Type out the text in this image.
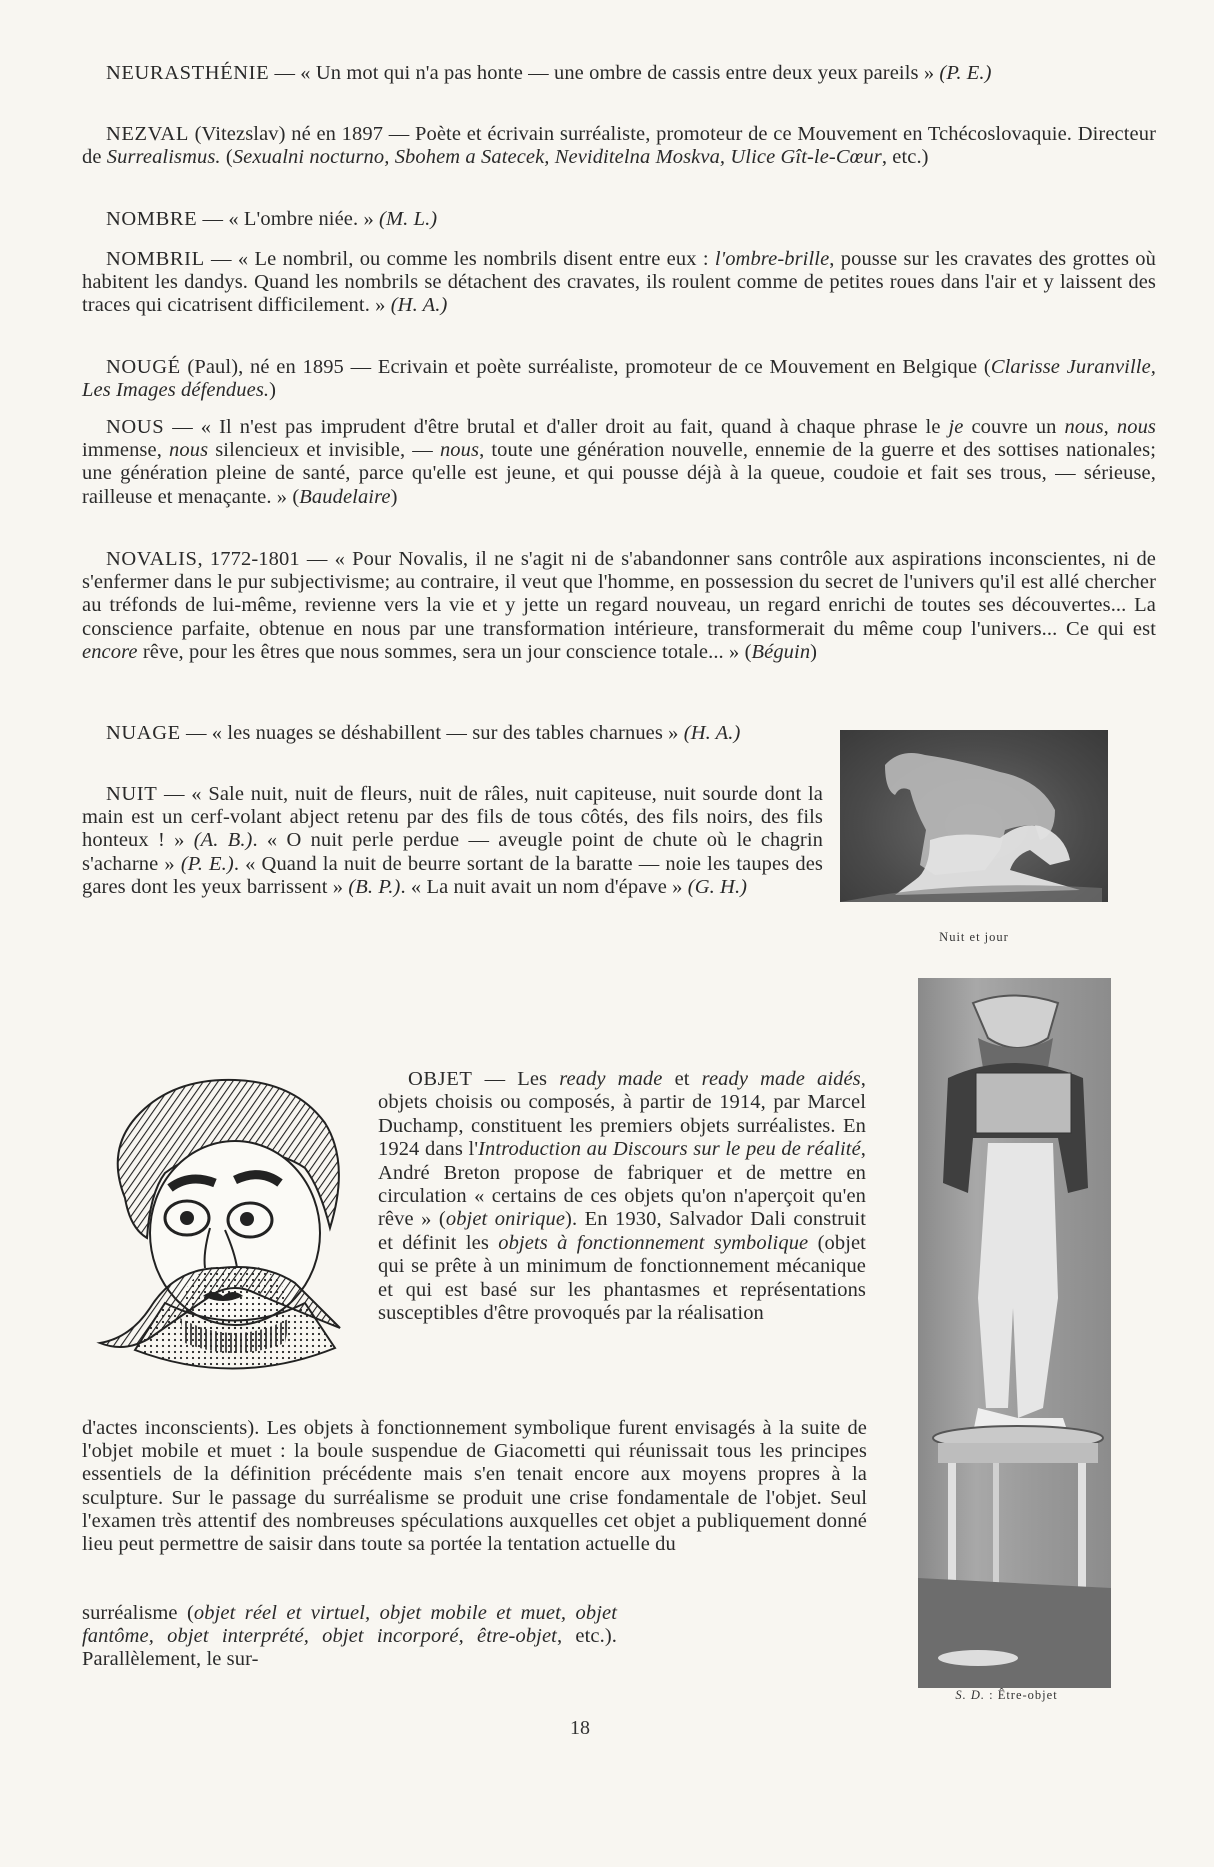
NEURASTHÉNIE — « Un mot qui n'a pas honte — une ombre de cassis entre deux yeux pareils » (P. E.)

NEZVAL (Vitezslav) né en 1897 — Poète et écrivain surréaliste, promoteur de ce Mouvement en Tchécoslovaquie. Directeur de Surrealismus. (Sexualni nocturno, Sbohem a Satecek, Neviditelna Moskva, Ulice Gît-le-Cœur, etc.)

NOMBRE — « L'ombre niée. » (M. L.)

NOMBRIL — « Le nombril, ou comme les nombrils disent entre eux : l'ombre-brille, pousse sur les cravates des grottes où habitent les dandys. Quand les nombrils se détachent des cravates, ils roulent comme de petites roues dans l'air et y laissent des traces qui cicatrisent difficilement. » (H. A.)

NOUGÉ (Paul), né en 1895 — Ecrivain et poète surréaliste, promoteur de ce Mouvement en Belgique (Clarisse Juranville, Les Images défendues.)

NOUS — « Il n'est pas imprudent d'être brutal et d'aller droit au fait, quand à chaque phrase le je couvre un nous, nous immense, nous silencieux et invisible, — nous, toute une génération nouvelle, ennemie de la guerre et des sottises nationales; une génération pleine de santé, parce qu'elle est jeune, et qui pousse déjà à la queue, coudoie et fait ses trous, — sérieuse, railleuse et menaçante. » (Baudelaire)

NOVALIS, 1772-1801 — « Pour Novalis, il ne s'agit ni de s'abandonner sans contrôle aux aspirations inconscientes, ni de s'enfermer dans le pur subjectivisme; au contraire, il veut que l'homme, en possession du secret de l'univers qu'il est allé chercher au tréfonds de lui-même, revienne vers la vie et y jette un regard nouveau, un regard enrichi de toutes ses découvertes... La conscience parfaite, obtenue en nous par une transformation intérieure, transformerait du même coup l'univers... Ce qui est encore rêve, pour les êtres que nous sommes, sera un jour conscience totale... » (Béguin)

NUAGE — « les nuages se déshabillent — sur des tables charnues » (H. A.)

NUIT — « Sale nuit, nuit de fleurs, nuit de râles, nuit capiteuse, nuit sourde dont la main est un cerf-volant abject retenu par des fils de tous côtés, des fils noirs, des fils honteux ! » (A. B.). « O nuit perle perdue — aveugle point de chute où le chagrin s'acharne » (P. E.). « Quand la nuit de beurre sortant de la baratte — noie les taupes des gares dont les yeux barrissent » (B. P.). « La nuit avait un nom d'épave » (G. H.)

Nuit et jour

OBJET — Les ready made et ready made aidés, objets choisis ou composés, à partir de 1914, par Marcel Duchamp, constituent les premiers objets surréalistes. En 1924 dans l'Introduction au Discours sur le peu de réalité, André Breton propose de fabriquer et de mettre en circulation « certains de ces objets qu'on n'aperçoit qu'en rêve » (objet onirique). En 1930, Salvador Dali construit et définit les objets à fonctionnement symbolique (objet qui se prête à un minimum de fonctionnement mécanique et qui est basé sur les phantasmes et représentations susceptibles d'être provoqués par la réalisation

d'actes inconscients). Les objets à fonctionnement symbolique furent envisagés à la suite de l'objet mobile et muet : la boule suspendue de Giacometti qui réunissait tous les principes essentiels de la définition précédente mais s'en tenait encore aux moyens propres à la sculpture. Sur le passage du surréalisme se produit une crise fondamentale de l'objet. Seul l'examen très attentif des nombreuses spéculations auxquelles cet objet a publiquement donné lieu peut permettre de saisir dans toute sa portée la tentation actuelle du

surréalisme (objet réel et virtuel, objet mobile et muet, objet fantôme, objet interprété, objet incorporé, être-objet, etc.). Parallèlement, le sur-

S. D. : Être-objet
18
